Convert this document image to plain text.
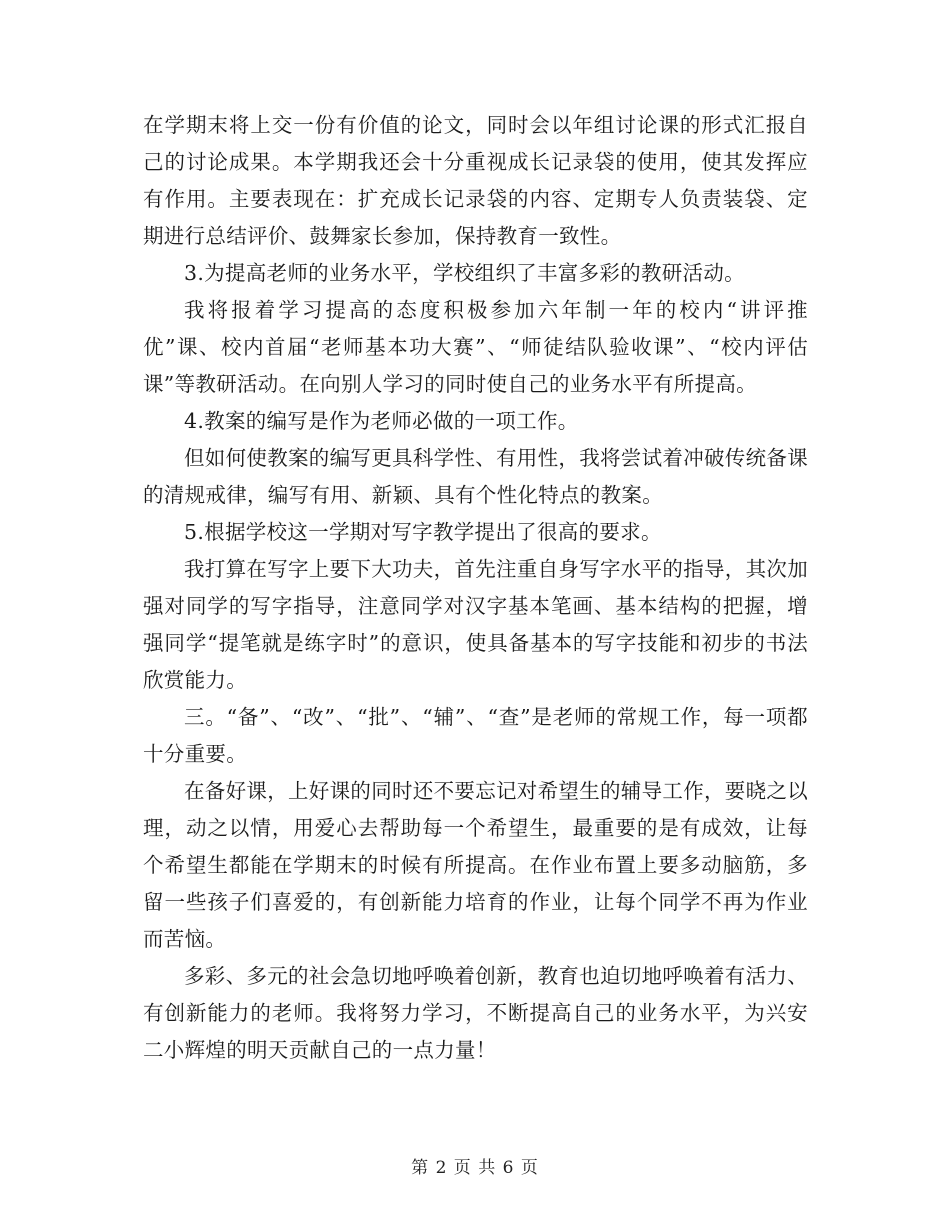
在学期末将上交一份有价值的论文，同时会以年组讨论课的形式汇报自己的讨论成果。本学期我还会十分重视成长记录袋的使用，使其发挥应有作用。主要表现在：扩充成长记录袋的内容、定期专人负责装袋、定期进行总结评价、鼓舞家长参加，保持教育一致性。

3.为提高老师的业务水平，学校组织了丰富多彩的教研活动。

我将报着学习提高的态度积极参加六年制一年的校内“讲评推优”课、校内首届“老师基本功大赛”、“师徒结队验收课”、“校内评估课”等教研活动。在向别人学习的同时使自己的业务水平有所提高。

4.教案的编写是作为老师必做的一项工作。

但如何使教案的编写更具科学性、有用性，我将尝试着冲破传统备课的清规戒律，编写有用、新颖、具有个性化特点的教案。

5.根据学校这一学期对写字教学提出了很高的要求。

我打算在写字上要下大功夫，首先注重自身写字水平的指导，其次加强对同学的写字指导，注意同学对汉字基本笔画、基本结构的把握，增强同学“提笔就是练字时”的意识，使具备基本的写字技能和初步的书法欣赏能力。

三。“备”、“改”、“批”、“辅”、“查”是老师的常规工作，每一项都十分重要。

在备好课，上好课的同时还不要忘记对希望生的辅导工作，要晓之以理，动之以情，用爱心去帮助每一个希望生，最重要的是有成效，让每个希望生都能在学期末的时候有所提高。在作业布置上要多动脑筋，多留一些孩子们喜爱的，有创新能力培育的作业，让每个同学不再为作业而苦恼。

多彩、多元的社会急切地呼唤着创新，教育也迫切地呼唤着有活力、有创新能力的老师。我将努力学习，不断提高自己的业务水平，为兴安二小辉煌的明天贡献自己的一点力量！

第 2 页 共 6 页
